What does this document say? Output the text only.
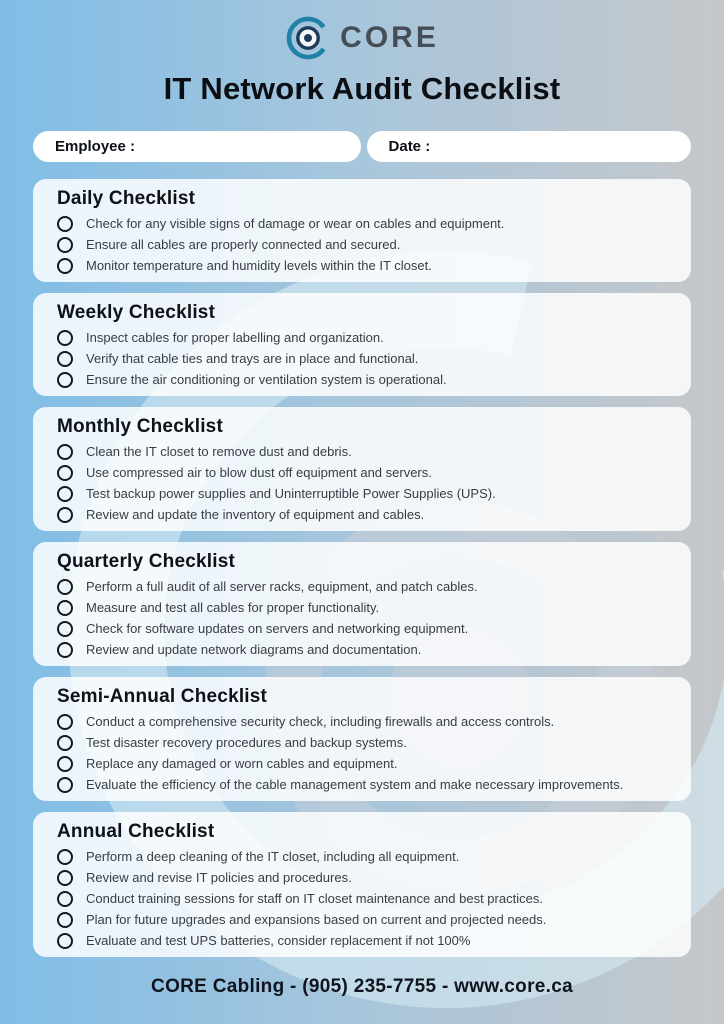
CORE
IT Network Audit Checklist
Employee :	Date :
Daily Checklist
Check for any visible signs of damage or wear on cables and equipment.
Ensure all cables are properly connected and secured.
Monitor temperature and humidity levels within the IT closet.
Weekly Checklist
Inspect cables for proper labelling and organization.
Verify that cable ties and trays are in place and functional.
Ensure the air conditioning or ventilation system is operational.
Monthly Checklist
Clean the IT closet to remove dust and debris.
Use compressed air to blow dust off equipment and servers.
Test backup power supplies and Uninterruptible Power Supplies (UPS).
Review and update the inventory of equipment and cables.
Quarterly Checklist
Perform a full audit of all server racks, equipment, and patch cables.
Measure and test all cables for proper functionality.
Check for software updates on servers and networking equipment.
Review and update network diagrams and documentation.
Semi-Annual Checklist
Conduct a comprehensive security check, including firewalls and access controls.
Test disaster recovery procedures and backup systems.
Replace any damaged or worn cables and equipment.
Evaluate the efficiency of the cable management system and make necessary improvements.
Annual Checklist
Perform a deep cleaning of the IT closet, including all equipment.
Review and revise IT policies and procedures.
Conduct training sessions for staff on IT closet maintenance and best practices.
Plan for future upgrades and expansions based on current and projected needs.
Evaluate and test UPS batteries, consider replacement if not 100%

CORE Cabling - (905) 235-7755 - www.core.ca
